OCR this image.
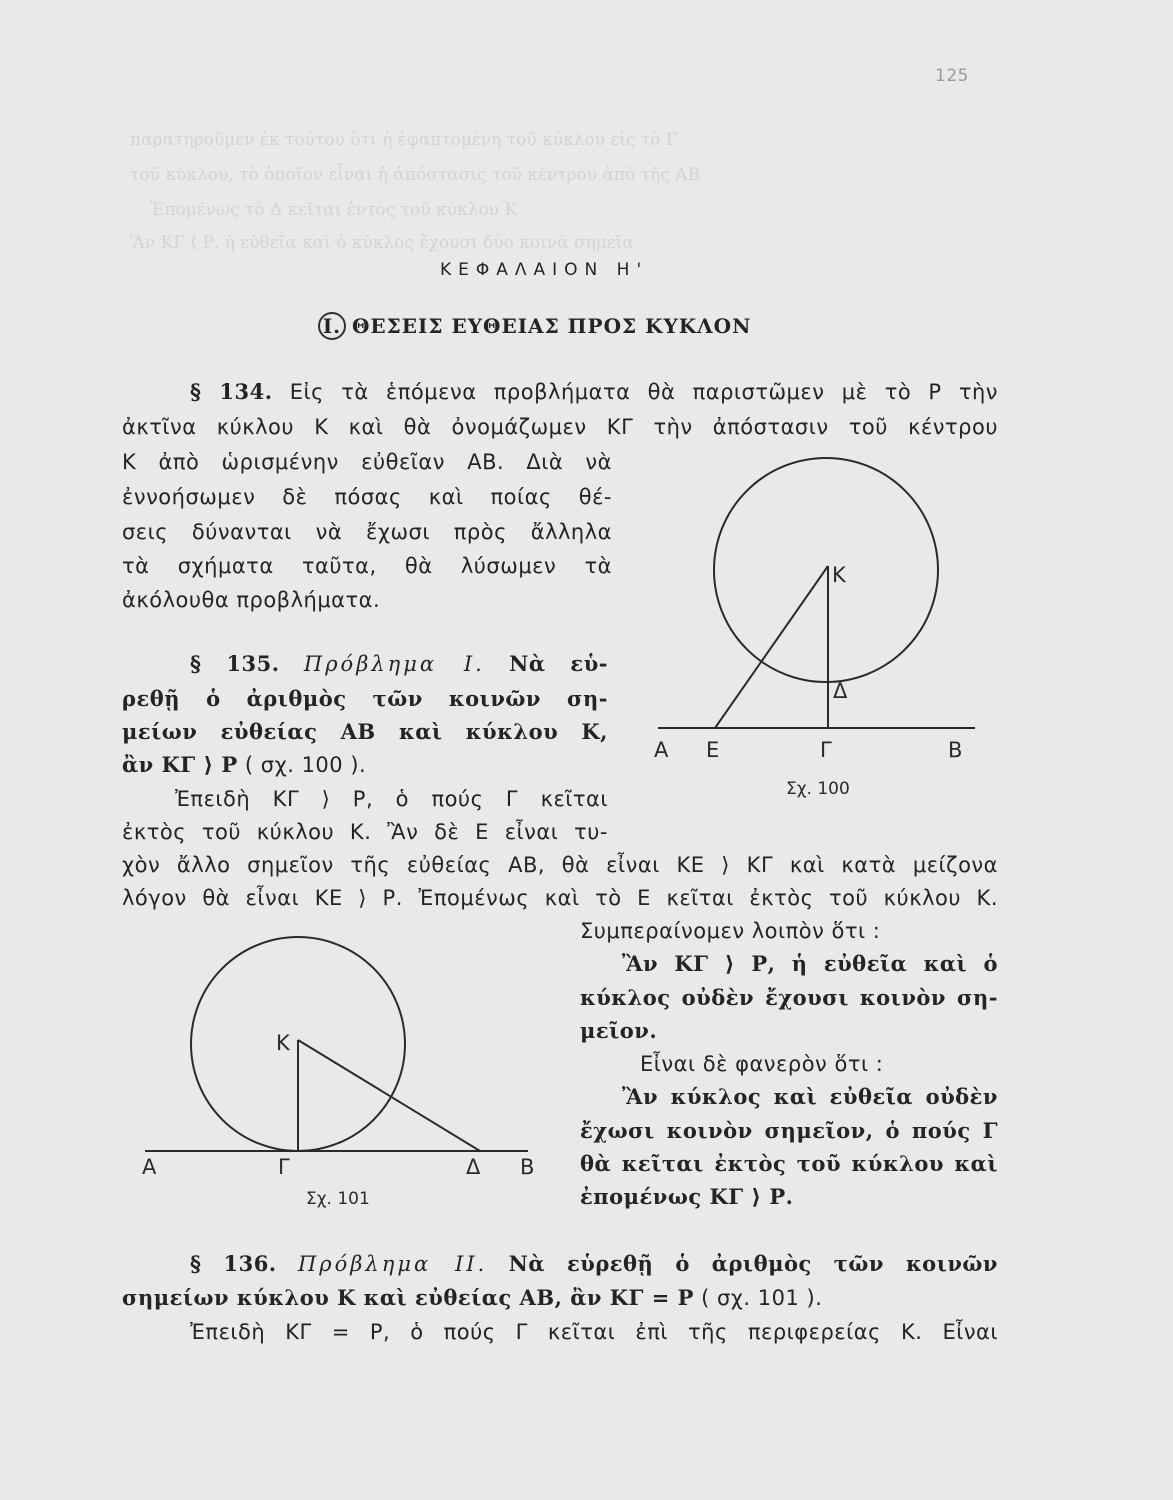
παρατηροῦμεν ἐκ τούτου ὅτι ἡ ἐφαπτομένη τοῦ κύκλου εἰς τὸ Γ
τοῦ κύκλου, τὸ ὁποῖον εἶναι ἡ ἀπόστασις τοῦ κέντρου ἀπὸ τῆς ΑΒ
Ἐπομένως τὸ Δ κεῖται ἐντὸς τοῦ κύκλου Κ
Ἂν ΚΓ ⟨ Ρ, ἡ εὐθεῖα καὶ ὁ κύκλος ἔχουσι δύο κοινὰ σημεῖα
125
ΚΕΦΑΛΑΙΟΝ Η'
I. ΘΕΣΕΙΣ ΕΥΘΕΙΑΣ ΠΡΟΣ ΚΥΚΛΟΝ
§ 134. Εἰς τὰ ἑπόμενα προβλήματα θὰ παριστῶμεν μὲ τὸ Ρ τὴν
ἀκτῖνα κύκλου Κ καὶ θὰ ὀνομάζωμεν ΚΓ τὴν ἀπόστασιν τοῦ κέντρου
Κ ἀπὸ ὡρισμένην εὐθεῖαν ΑΒ. Διὰ νὰ
ἐννοήσωμεν δὲ πόσας καὶ ποίας θέ-
σεις δύνανται νὰ ἔχωσι πρὸς ἄλληλα
τὰ σχήματα ταῦτα, θὰ λύσωμεν τὰ
ἀκόλουθα προβλήματα.
§ 135. Πρόβλημα Ι. Νὰ εὑ-
ρεθῇ ὁ ἀριθμὸς τῶν κοινῶν ση-
μείων εὐθείας ΑΒ καὶ κύκλου Κ,
ἂν ΚΓ ⟩ Ρ ( σχ. 100 ).
Ἐπειδὴ ΚΓ ⟩ Ρ, ὁ πούς Γ κεῖται
ἐκτὸς τοῦ κύκλου Κ. Ἂν δὲ Ε εἶναι τυ-
χὸν ἄλλο σημεῖον τῆς εὐθείας ΑΒ, θὰ εἶναι ΚΕ ⟩ ΚΓ καὶ κατὰ μείζονα
λόγον θὰ εἶναι ΚΕ ⟩ Ρ. Ἐπομένως καὶ τὸ Ε κεῖται ἐκτὸς τοῦ κύκλου Κ.
Συμπεραίνομεν λοιπὸν ὅτι :
Ἂν ΚΓ ⟩ Ρ, ἡ εὐθεῖα καὶ ὁ
κύκλος οὐδὲν ἔχουσι κοινὸν ση-
μεῖον.
Εἶναι δὲ φανερὸν ὅτι :
Ἂν κύκλος καὶ εὐθεῖα οὐδὲν
ἔχωσι κοινὸν σημεῖον, ὁ πούς Γ
θὰ κεῖται ἐκτὸς τοῦ κύκλου καὶ
ἐπομένως ΚΓ ⟩ Ρ.
§ 136. Πρόβλημα ΙΙ. Νὰ εὑρεθῇ ὁ ἀριθμὸς τῶν κοινῶν
σημείων κύκλου Κ καὶ εὐθείας ΑΒ, ἂν ΚΓ = Ρ ( σχ. 101 ).
Ἐπειδὴ ΚΓ = Ρ, ὁ πούς Γ κεῖται ἐπὶ τῆς περιφερείας Κ. Εἶναι
Α Ε	Γ	Β
Κ
Δ
Σχ. 100
Α	Γ	Δ Β
Κ
Σχ. 101
